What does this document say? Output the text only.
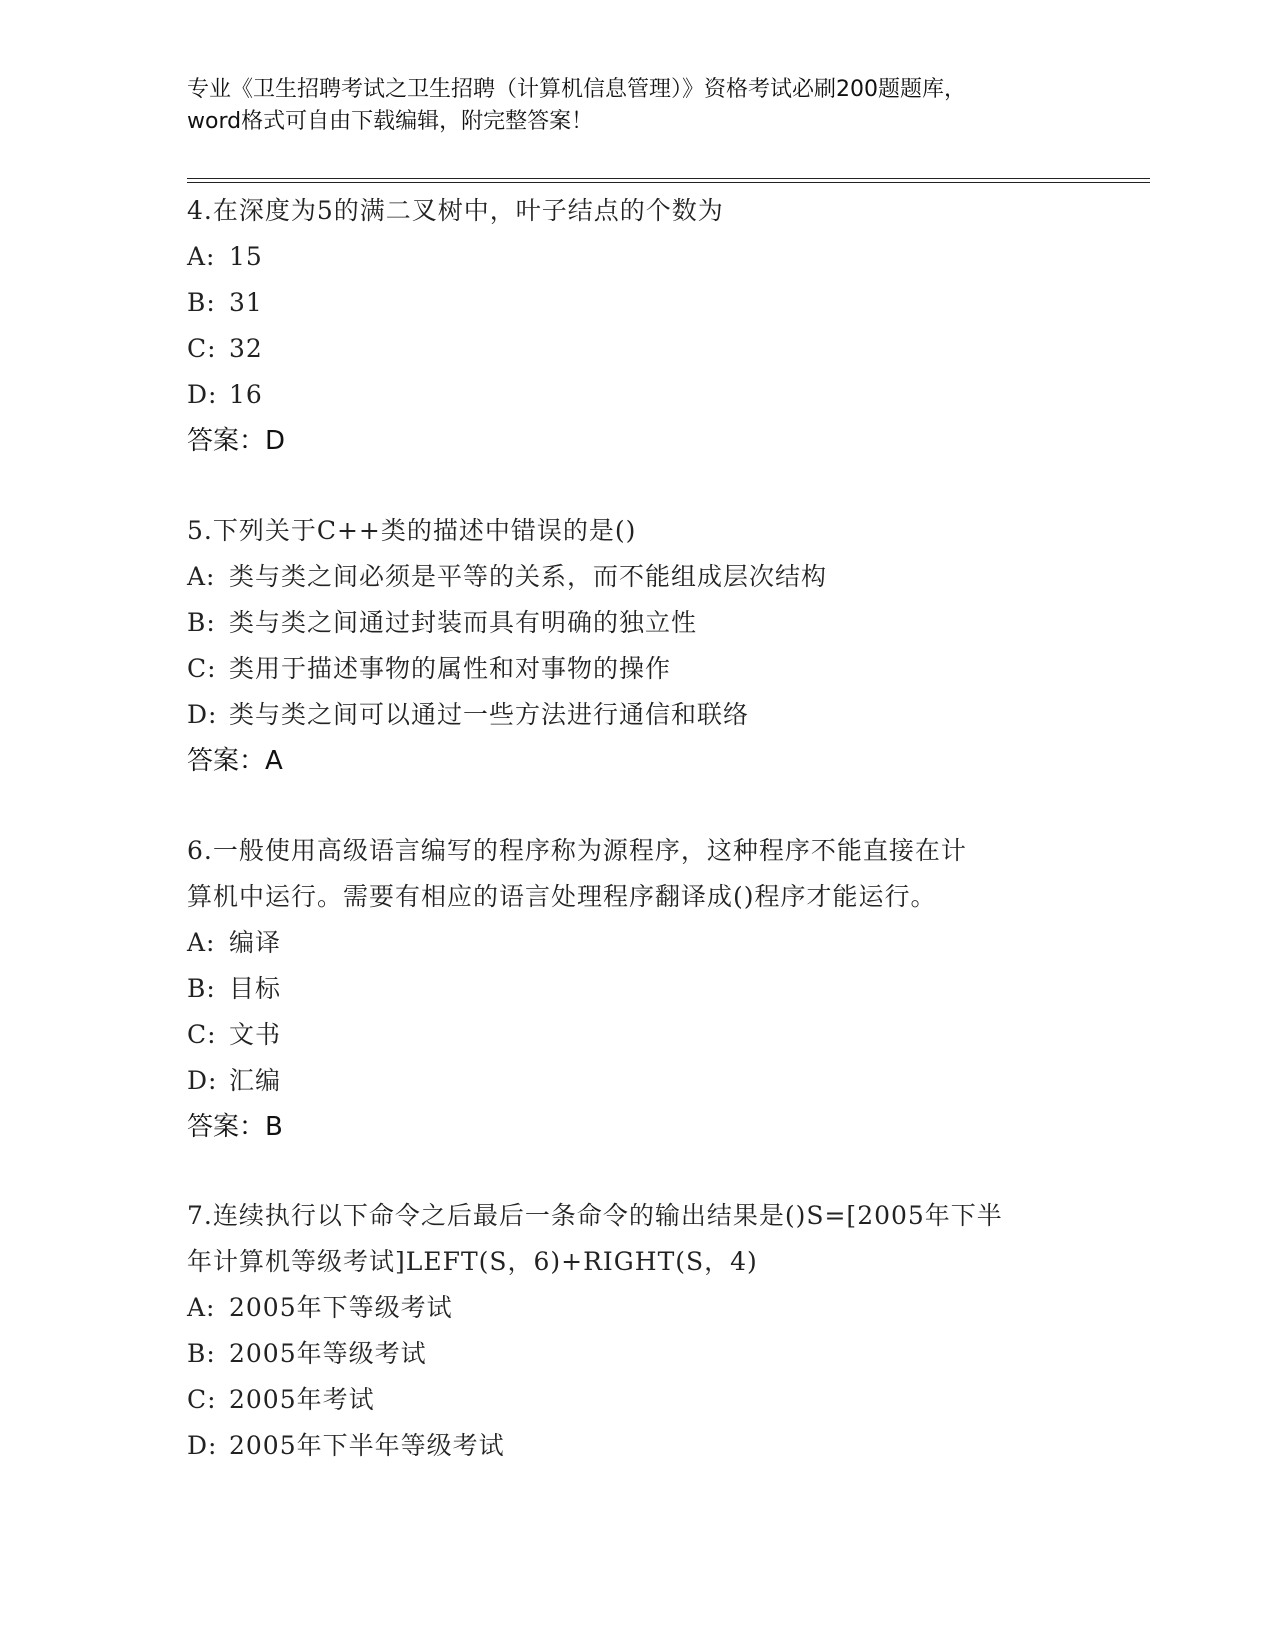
专业《卫生招聘考试之卫生招聘（计算机信息管理）》资格考试必刷200题题库，
word格式可自由下载编辑，附完整答案！
4.在深度为5的满二叉树中，叶子结点的个数为
A: 15
B: 31
C: 32
D: 16
答案：D
5.下列关于C++类的描述中错误的是()
A: 类与类之间必须是平等的关系，而不能组成层次结构
B: 类与类之间通过封装而具有明确的独立性
C: 类用于描述事物的属性和对事物的操作
D: 类与类之间可以通过一些方法进行通信和联络
答案：A
6.一般使用高级语言编写的程序称为源程序，这种程序不能直接在计
算机中运行。需要有相应的语言处理程序翻译成()程序才能运行。
A: 编译
B: 目标
C: 文书
D: 汇编
答案：B
7.连续执行以下命令之后最后一条命令的输出结果是()S=[2005年下半
年计算机等级考试]LEFT(S，6)+RIGHT(S，4)
A: 2005年下等级考试
B: 2005年等级考试
C: 2005年考试
D: 2005年下半年等级考试
